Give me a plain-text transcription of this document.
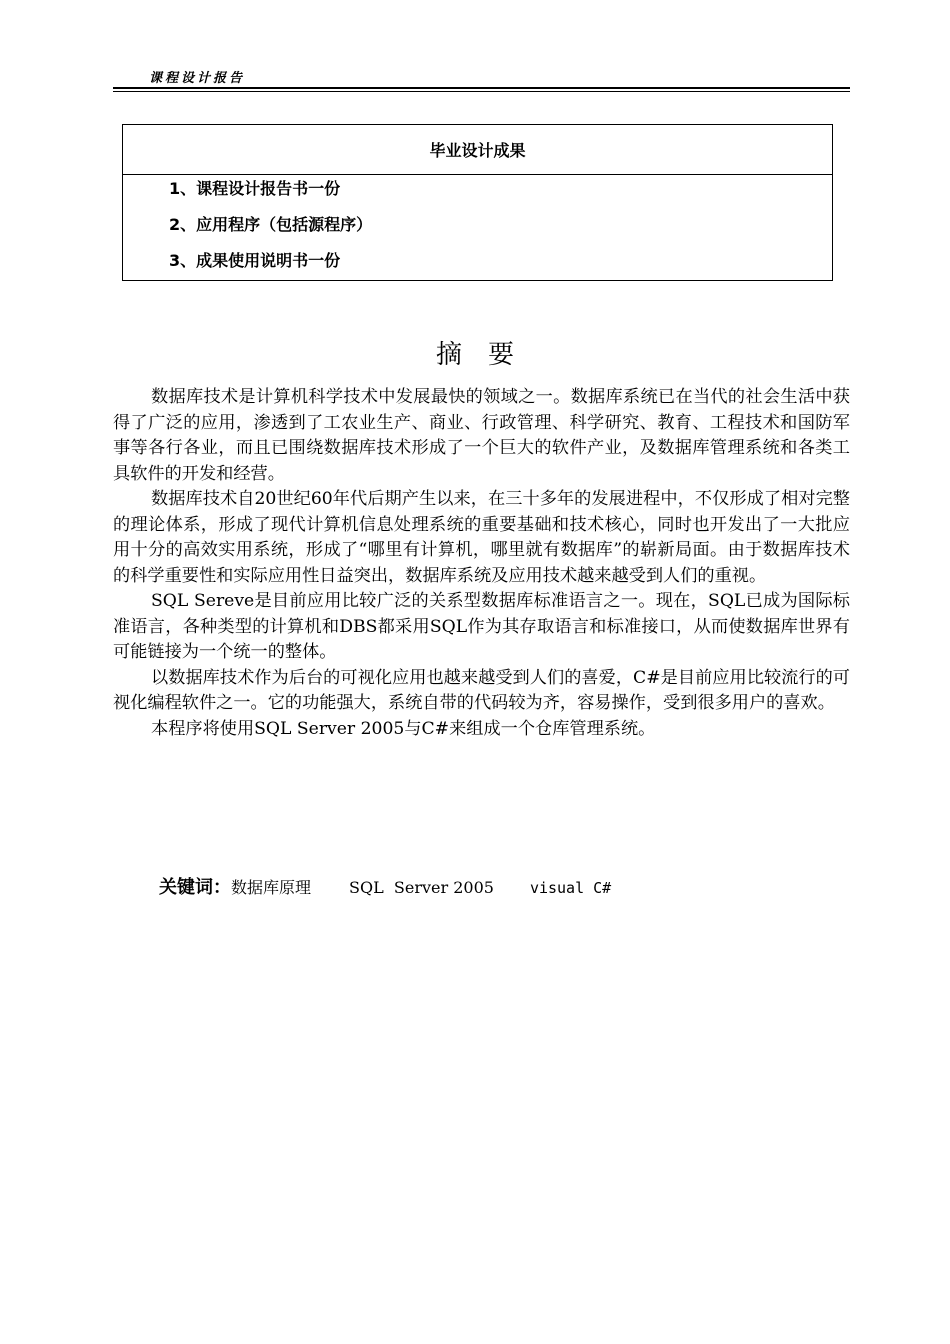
课程设计报告
毕业设计成果
1、课程设计报告书一份
2、应用程序（包括源程序）
3、成果使用说明书一份
摘要

数据库技术是计算机科学技术中发展最快的领域之一。数据库系统已在当代的社会生活中获得了广泛的应用，渗透到了工农业生产、商业、行政管理、科学研究、教育、工程技术和国防军事等各行各业，而且已围绕数据库技术形成了一个巨大的软件产业，及数据库管理系统和各类工具软件的开发和经营。

数据库技术自20世纪60年代后期产生以来，在三十多年的发展进程中，不仅形成了相对完整的理论体系，形成了现代计算机信息处理系统的重要基础和技术核心，同时也开发出了一大批应用十分的高效实用系统，形成了“哪里有计算机，哪里就有数据库”的崭新局面。由于数据库技术的科学重要性和实际应用性日益突出，数据库系统及应用技术越来越受到人们的重视。

SQL Sereve是目前应用比较广泛的关系型数据库标准语言之一。现在，SQL已成为国际标准语言，各种类型的计算机和DBS都采用SQL作为其存取语言和标准接口，从而使数据库世界有可能链接为一个统一的整体。

以数据库技术作为后台的可视化应用也越来越受到人们的喜爱，C#是目前应用比较流行的可视化编程软件之一。它的功能强大，系统自带的代码较为齐，容易操作，受到很多用户的喜欢。

本程序将使用SQL Server 2005与C#来组成一个仓库管理系统。

关键词：数据库原理 SQL  Server 2005 visual C#
